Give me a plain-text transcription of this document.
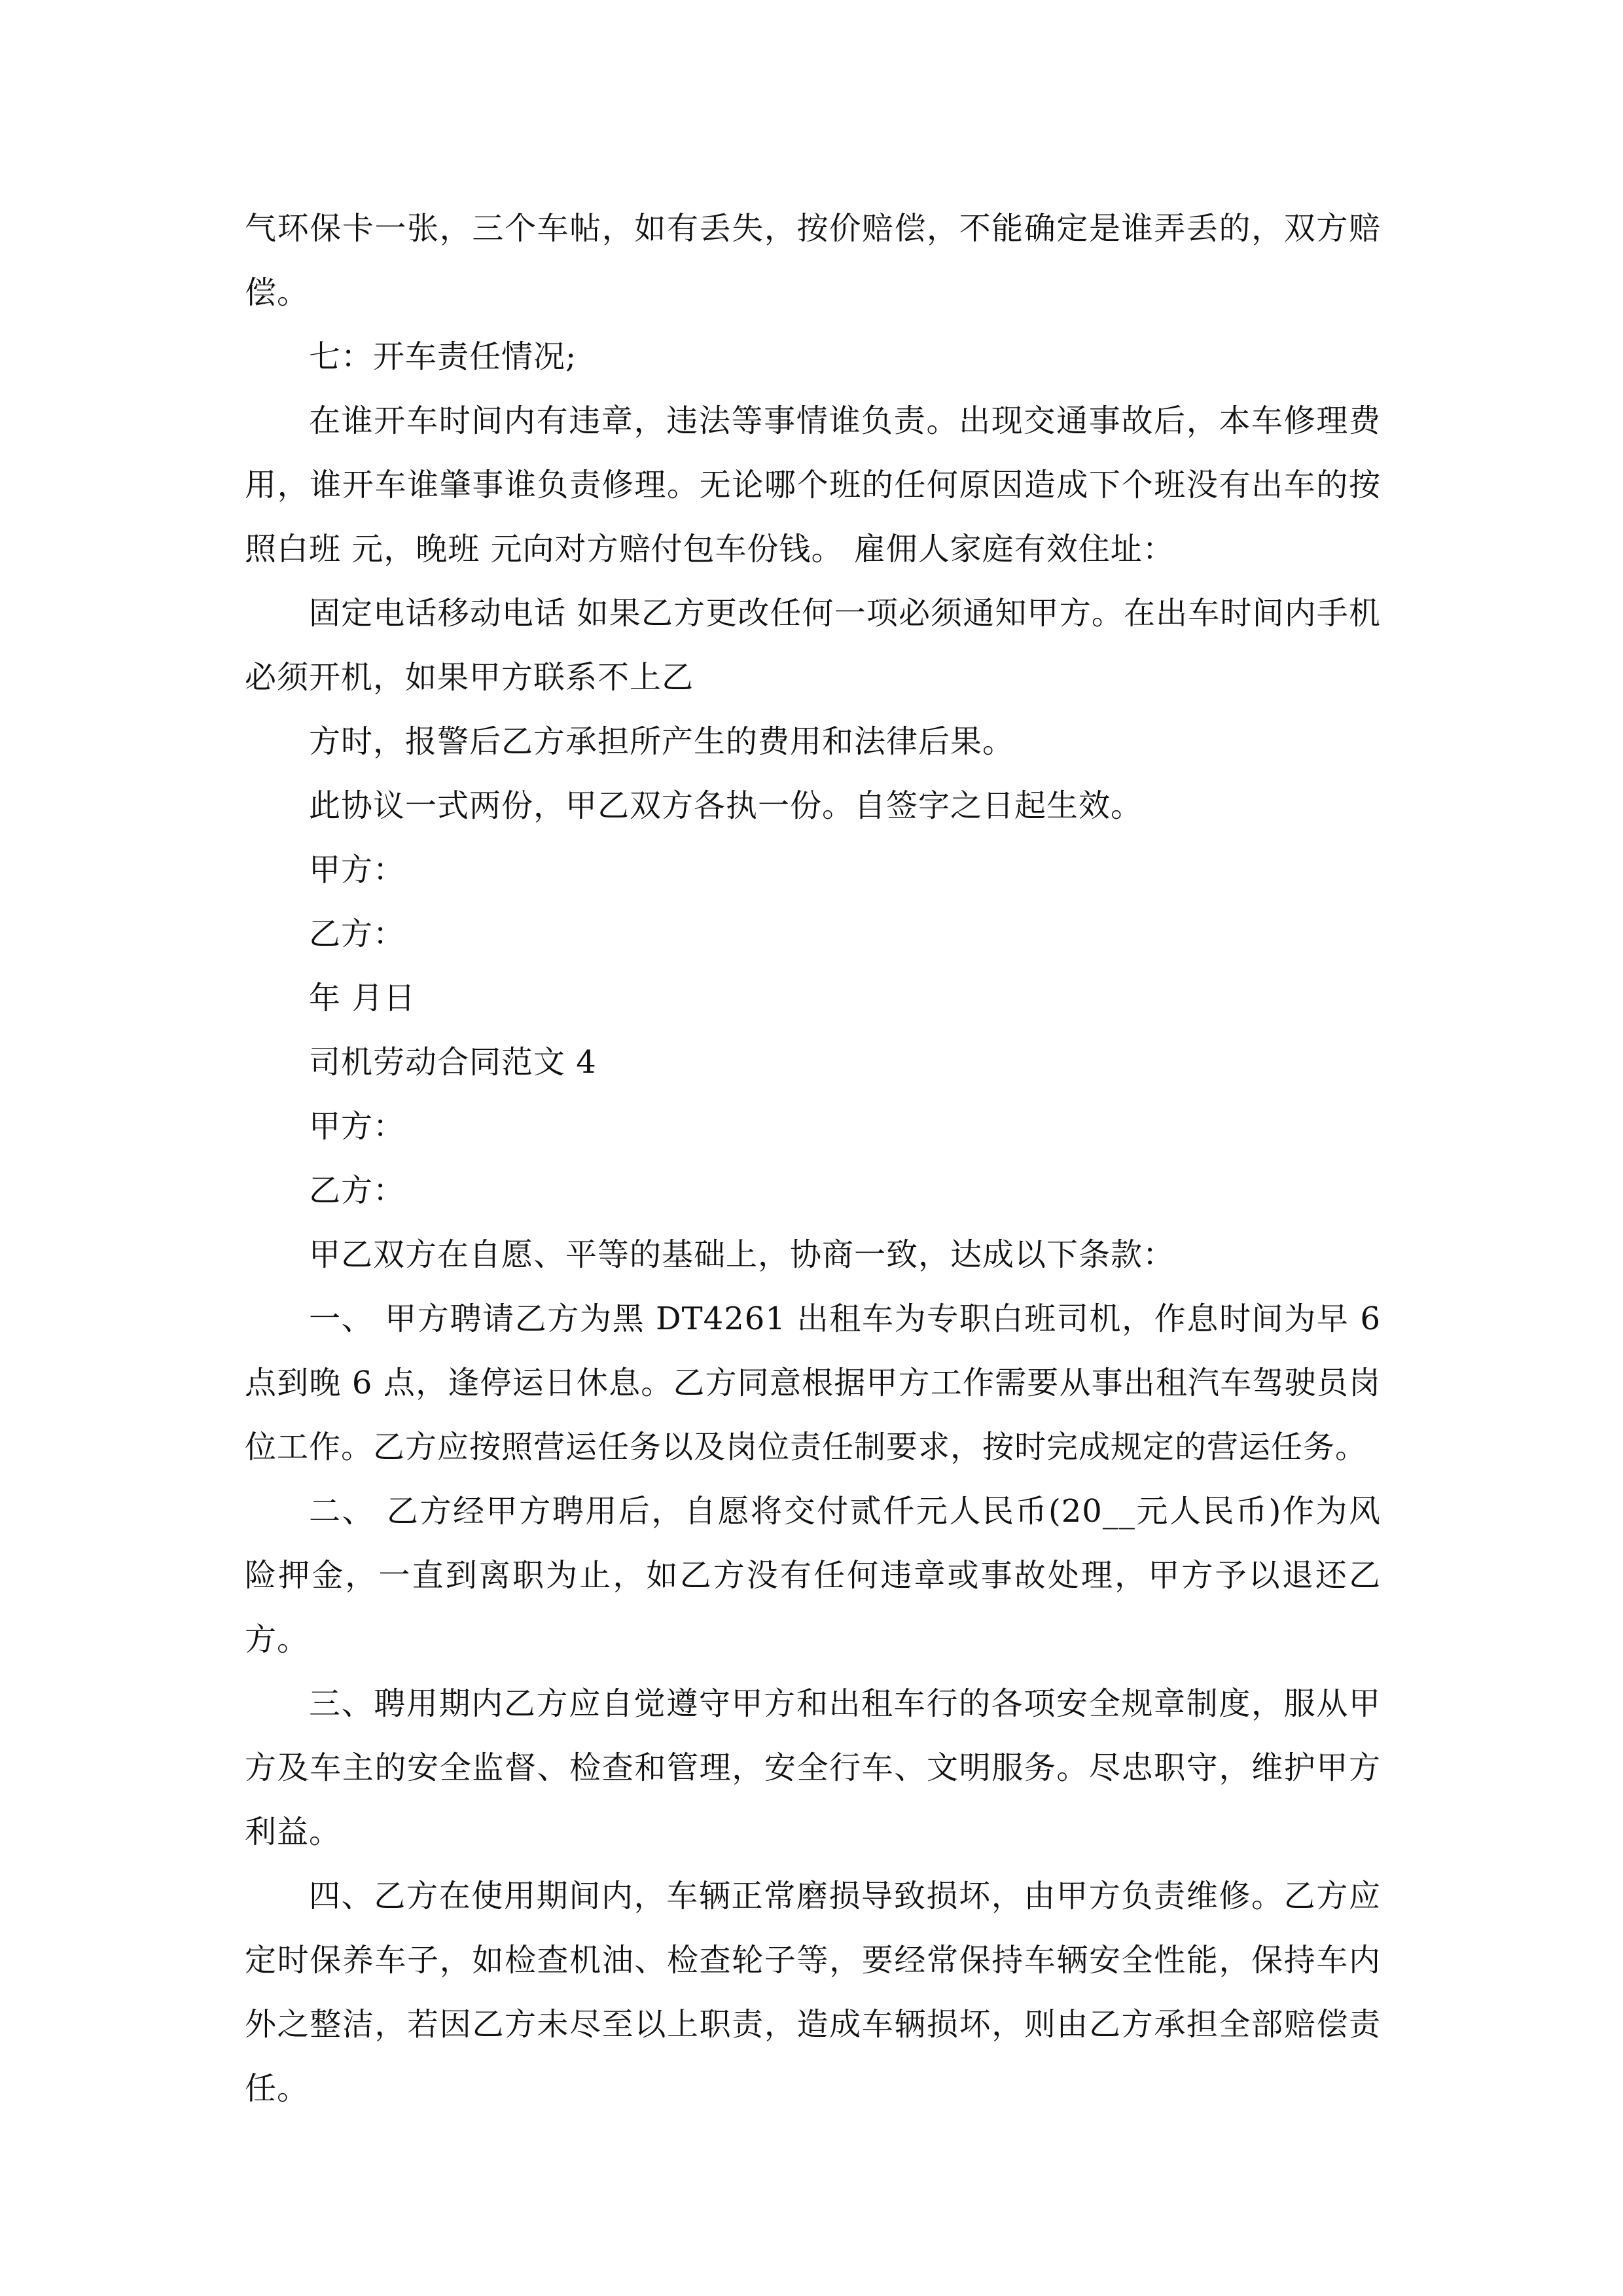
气环保卡一张，三个车帖，如有丢失，按价赔偿，不能确定是谁弄丢的，双方赔偿。

七：开车责任情况;

在谁开车时间内有违章，违法等事情谁负责。出现交通事故后，本车修理费用，谁开车谁肇事谁负责修理。无论哪个班的任何原因造成下个班没有出车的按照白班 元，晚班 元向对方赔付包车份钱。 雇佣人家庭有效住址：

固定电话移动电话 如果乙方更改任何一项必须通知甲方。在出车时间内手机必须开机，如果甲方联系不上乙

方时，报警后乙方承担所产生的费用和法律后果。

此协议一式两份，甲乙双方各执一份。自签字之日起生效。

甲方：

乙方：

年 月日

司机劳动合同范文 4

甲方：

乙方：

甲乙双方在自愿、平等的基础上，协商一致，达成以下条款：

一、 甲方聘请乙方为黑 DT4261 出租车为专职白班司机，作息时间为早 6 点到晚 6 点，逢停运日休息。乙方同意根据甲方工作需要从事出租汽车驾驶员岗位工作。乙方应按照营运任务以及岗位责任制要求，按时完成规定的营运任务。

二、 乙方经甲方聘用后，自愿将交付贰仟元人民币(20__元人民币)作为风险押金，一直到离职为止，如乙方没有任何违章或事故处理，甲方予以退还乙方。

三、聘用期内乙方应自觉遵守甲方和出租车行的各项安全规章制度，服从甲方及车主的安全监督、检查和管理，安全行车、文明服务。尽忠职守，维护甲方利益。

四、乙方在使用期间内，车辆正常磨损导致损坏，由甲方负责维修。乙方应定时保养车子，如检查机油、检查轮子等，要经常保持车辆安全性能，保持车内外之整洁，若因乙方未尽至以上职责，造成车辆损坏，则由乙方承担全部赔偿责任。
